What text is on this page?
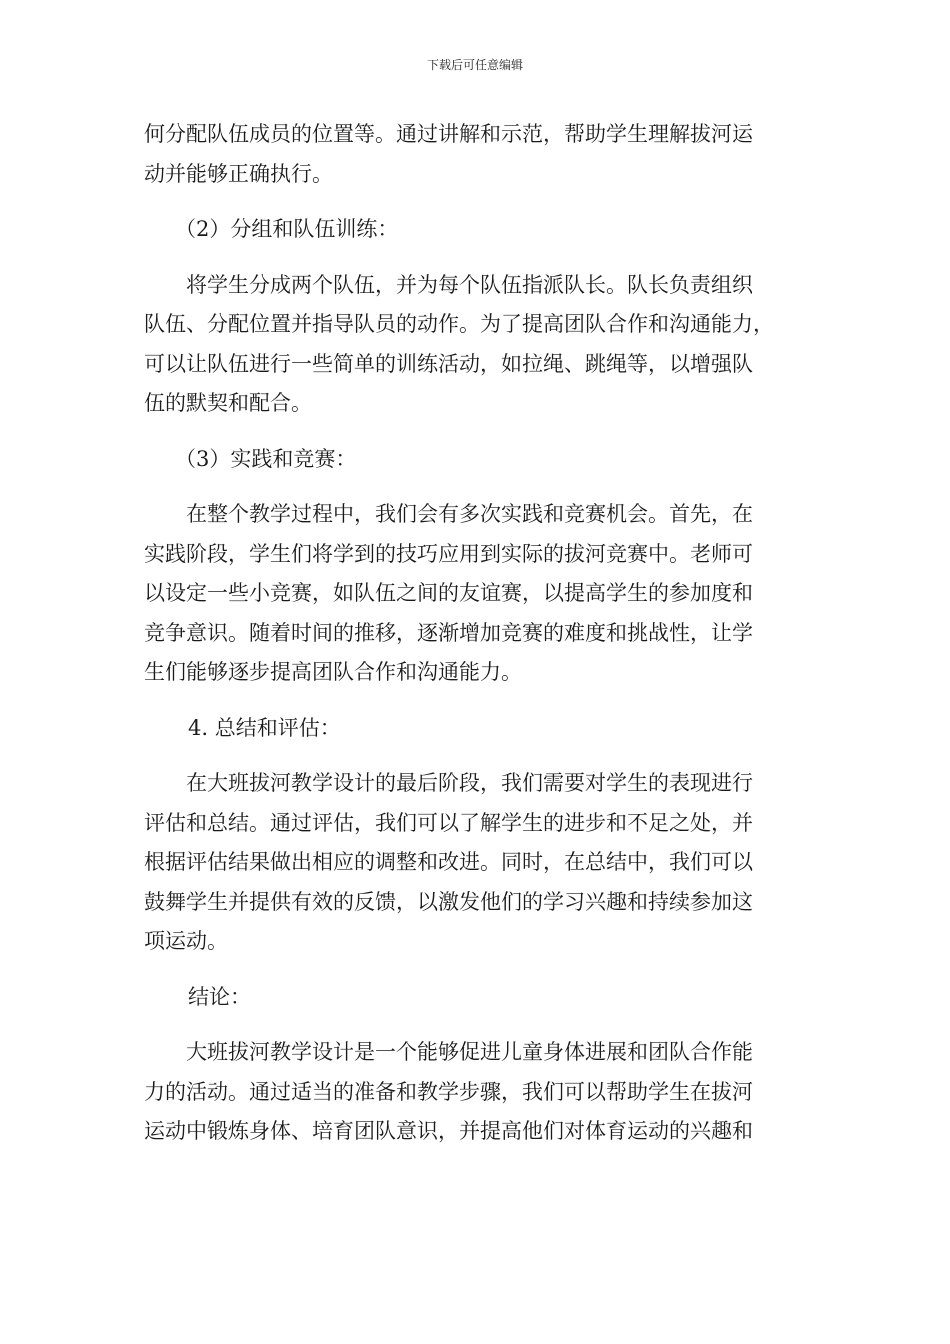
下载后可任意编辑
何分配队伍成员的位置等。通过讲解和示范，帮助学生理解拔河运
动并能够正确执行。
（2）分组和队伍训练：
将学生分成两个队伍，并为每个队伍指派队长。队长负责组织
队伍、分配位置并指导队员的动作。为了提高团队合作和沟通能力，
可以让队伍进行一些简单的训练活动，如拉绳、跳绳等，以增强队
伍的默契和配合。
（3）实践和竞赛：
在整个教学过程中，我们会有多次实践和竞赛机会。首先，在
实践阶段，学生们将学到的技巧应用到实际的拔河竞赛中。老师可
以设定一些小竞赛，如队伍之间的友谊赛，以提高学生的参加度和
竞争意识。随着时间的推移，逐渐增加竞赛的难度和挑战性，让学
生们能够逐步提高团队合作和沟通能力。
4. 总结和评估：
在大班拔河教学设计的最后阶段，我们需要对学生的表现进行
评估和总结。通过评估，我们可以了解学生的进步和不足之处，并
根据评估结果做出相应的调整和改进。同时，在总结中，我们可以
鼓舞学生并提供有效的反馈，以激发他们的学习兴趣和持续参加这
项运动。
结论：
大班拔河教学设计是一个能够促进儿童身体进展和团队合作能
力的活动。通过适当的准备和教学步骤，我们可以帮助学生在拔河
运动中锻炼身体、培育团队意识，并提高他们对体育运动的兴趣和
